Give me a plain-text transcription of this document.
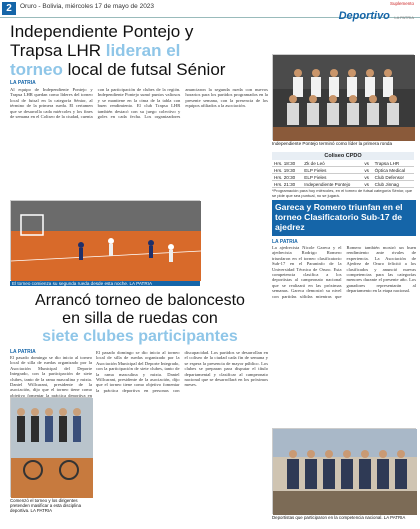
2	Oruro - Bolivia, miércoles 17 de mayo de 2023	Suplemento
Deportivo LA PATRIA
Independiente Pontejo y
Trapsa LHR lideran el
torneo local de futsal Sénior
LA PATRIA
Al equipo de Independiente Pontejo y Trapsa LHR quedan como líderes del torneo local de futsal en la categoría Sénior, al término de la primera rueda. El certamen que se desarrolla cada miércoles y los fines de semana en el Coliseo de la ciudad, cuenta con la participación de clubes de la región. Independiente Pontejo sumó puntos valiosos y se mantiene en la cima de la tabla con buen rendimiento. El club Trapsa LHR también destacó con su juego colectivo y goles en cada fecha. Los organizadores anunciaron la segunda rueda con nuevos horarios para los partidos programados en la presente semana, con la presencia de los equipos afiliados a la asociación.
El torneo comienza su segunda rueda desde esta noche. LA PATRIA
Independiente Pontejo terminó como líder la primera ronda
Coliseo CPDO
Hrs. 18:30	Zk de Leó	vs	Trapsa LHR
Hrs. 19:30	ELP Fieles	vs	Óptica Medical
Hrs. 20:30	ELP Fieles	vs	Club Defensor
Hrs. 21:30	Independiente Pontejo	vs	Club Jinnag
*Programación para hoy miércoles, en el torneo de futsal categoría Sénior, que se pide que sea puntual, no se jugará.
Gareca y Romero triunfan en el torneo Clasificatorio Sub-17 de ajedrez
LA PATRIA
La ajedrecista Nicole Gareca y el ajedrecista Rodrigo Romero triunfaron en el torneo clasificatorio Sub-17 en el Paraninfo de la Universidad Técnica de Oruro. Esta competencia clasifica a los deportistas al campeonato nacional que se realizará en las próximas semanas. Gareca demostró su nivel con partidas sólidas mientras que Romero también mostró un buen rendimiento ante rivales de experiencia. La Asociación de Ajedrez de Oruro felicitó a los clasificados y anunció nuevas competencias para las categorías menores durante el presente año. Los ganadores representarán al departamento en la etapa nacional.
Deportistas que participaron en la competencia nacional. LA PATRIA
Arrancó torneo de baloncesto
en silla de ruedas con
siete clubes participantes
LA PATRIA
El pasado domingo se dio inicio al torneo local de silla de ruedas organizado por la Asociación Municipal del Deporte Integrado, con la participación de siete clubes, tanto de la rama masculina y mixta. Daniel Willcarani, presidente de la asociación, dijo que el torneo tiene como objetivo fomentar la práctica deportiva en
El pasado domingo se dio inicio al torneo local de silla de ruedas organizado por la Asociación Municipal del Deporte Integrado, con la participación de siete clubes, tanto de la rama masculina y mixta. Daniel Willcarani, presidente de la asociación, dijo que el torneo tiene como objetivo fomentar la práctica deportiva en personas con discapacidad. Los partidos se desarrollan en el coliseo de la ciudad cada fin de semana y se espera la presencia de mayor público. Los clubes se preparan para disputar el título departamental y clasificar al campeonato nacional que se desarrollará en los próximos meses.
Comenzó el torneo y los dirigentes pretenden masificar a esta disciplina deportiva. LA PATRIA
